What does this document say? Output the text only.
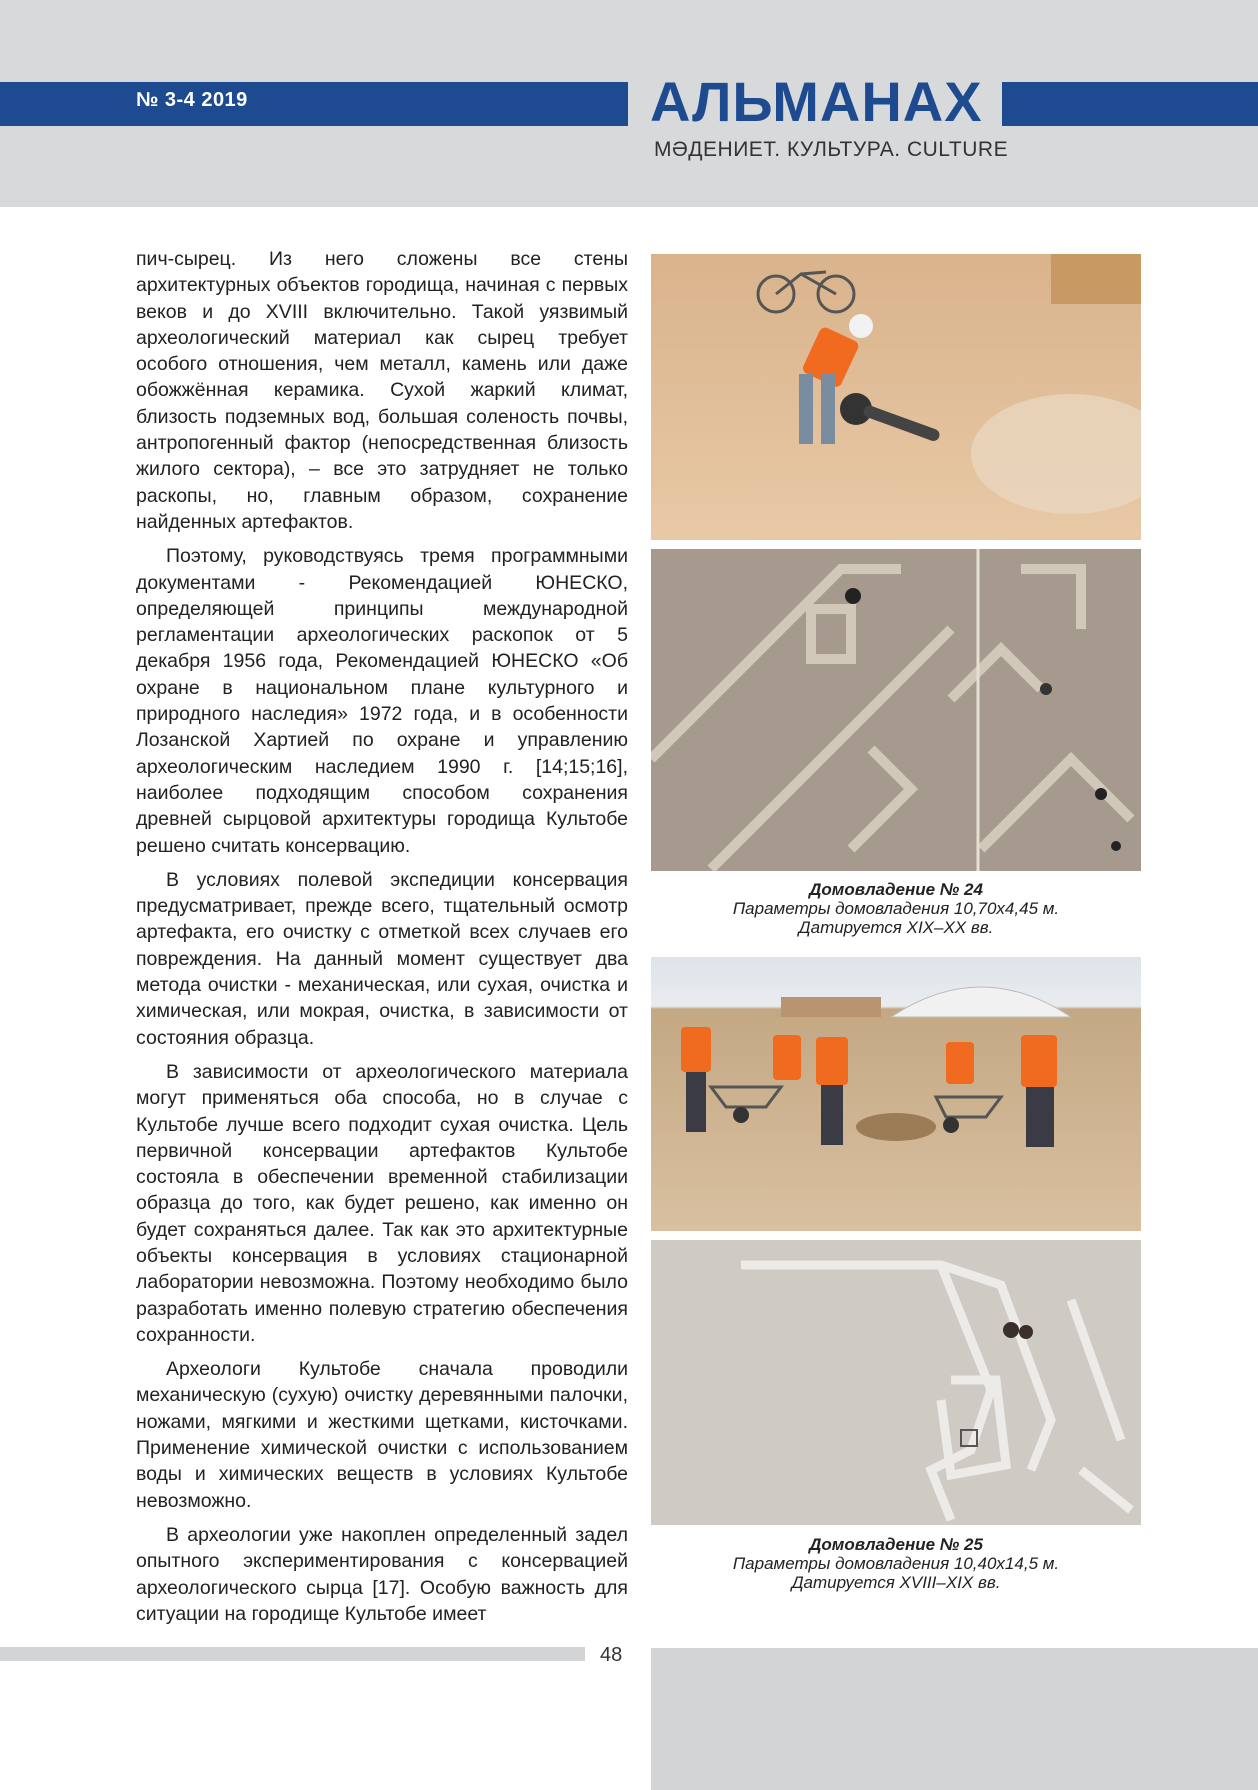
№ 3-4 2019	АЛЬМАНАХ
МӘДЕНИЕТ. КУЛЬТУРА. CULTURE

пич-сырец. Из него сложены все стены архитектурных объектов городища, начиная с первых веков и до XVIII включительно. Такой уязвимый археологический материал как сырец требует особого отношения, чем металл, камень или даже обожжённая керамика. Сухой жаркий климат, близость подземных вод, большая соленость почвы, антропогенный фактор (непосредственная близость жилого сектора), – все это затрудняет не только раскопы, но, главным образом, сохранение найденных артефактов.

Поэтому, руководствуясь тремя программными документами - Рекомендацией ЮНЕСКО, определяющей принципы международной регламентации археологических раскопок от 5 декабря 1956 года, Рекомендацией ЮНЕСКО «Об охране в национальном плане культурного и природного наследия» 1972 года, и в особенности Лозанской Хартией по охране и управлению археологическим наследием 1990 г. [14;15;16], наиболее подходящим способом сохранения древней сырцовой архитектуры городища Культобе решено считать консервацию.

В условиях полевой экспедиции консервация предусматривает, прежде всего, тщательный осмотр артефакта, его очистку с отметкой всех случаев его повреждения. На данный момент существует два метода очистки - механическая, или сухая, очистка и химическая, или мокрая, очистка, в зависимости от состояния образца.

В зависимости от археологического материала могут применяться оба способа, но в случае с Культобе лучше всего подходит сухая очистка. Цель первичной консервации артефактов Культобе состояла в обеспечении временной стабилизации образца до того, как будет решено, как именно он будет сохраняться далее. Так как это архитектурные объекты консервация в условиях стационарной лаборатории невозможна. Поэтому необходимо было разработать именно полевую стратегию обеспечения сохранности.

Археологи Культобе сначала проводили механическую (сухую) очистку деревянными палочки, ножами, мягкими и жесткими щетками, кисточками. Применение химической очистки с использованием воды и химических веществ в условиях Культобе невозможно.

В археологии уже накоплен определенный задел опытного экспериментирования с консервацией археологического сырца [17]. Особую важность для ситуации на городище Культобе имеет

Домовладение № 24
Параметры домовладения 10,70х4,45 м.
Датируется XIX–XX вв.
Домовладение № 25
Параметры домовладения 10,40х14,5 м.
Датируется XVIII–XIX вв.
48
